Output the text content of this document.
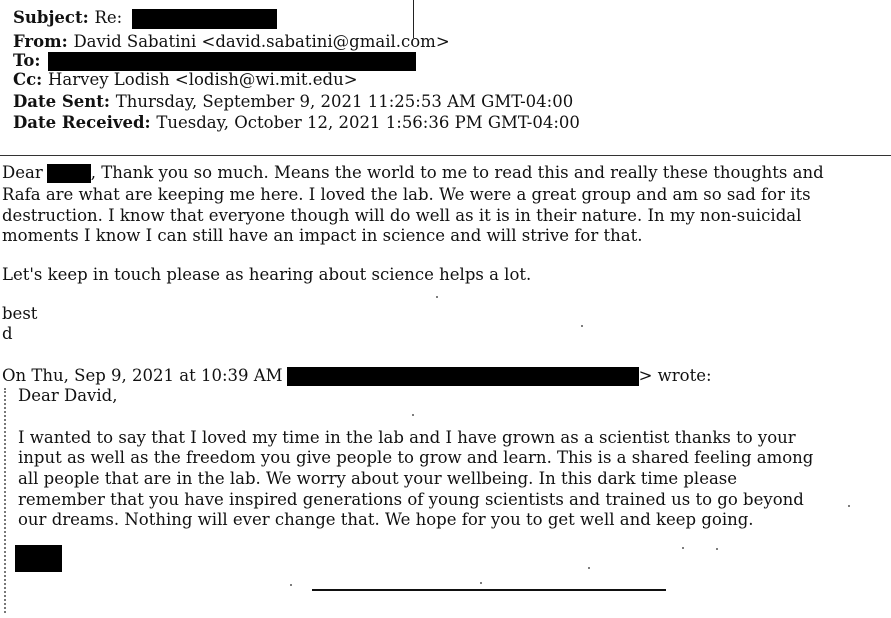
Subject: Re:
From: David Sabatini <david.sabatini@gmail.com>
To:
Cc: Harvey Lodish <lodish@wi.mit.edu>
Date Sent: Thursday, September 9, 2021 11:25:53 AM GMT-04:00
Date Received: Tuesday, October 12, 2021 1:56:36 PM GMT-04:00
Dear	, Thank you so much. Means the world to me to read this and really these thoughts and
Rafa are what are keeping me here. I loved the lab. We were a great group and am so sad for its
destruction. I know that everyone though will do well as it is in their nature. In my non-suicidal
moments I know I can still have an impact in science and will strive for that.
Let's keep in touch please as hearing about science helps a lot.
best
d
On Thu, Sep 9, 2021 at 10:39 AM	> wrote:
Dear David,
I wanted to say that I loved my time in the lab and I have grown as a scientist thanks to your
input as well as the freedom you give people to grow and learn. This is a shared feeling among
all people that are in the lab. We worry about your wellbeing. In this dark time please
remember that you have inspired generations of young scientists and trained us to go beyond
our dreams. Nothing will ever change that. We hope for you to get well and keep going.
